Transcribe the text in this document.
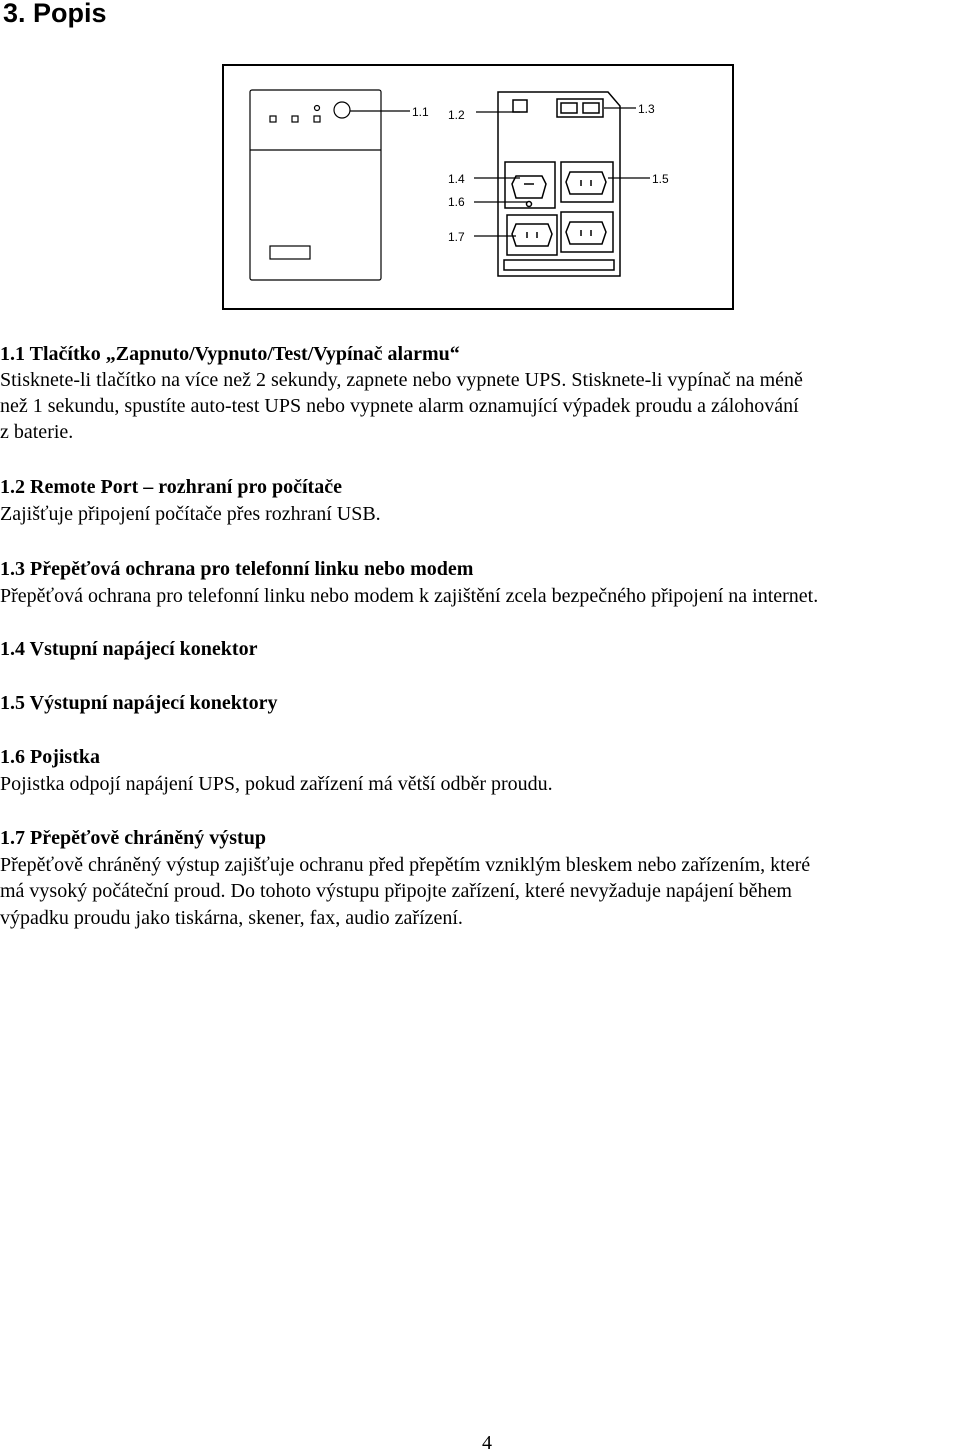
3. Popis
1.1 1.2	1.3
1.4	1.5
1.6
1.7

1.1 Tlačítko „Zapnuto/Vypnuto/Test/Vypínač alarmu“

Stisknete-li tlačítko na více než 2 sekundy, zapnete nebo vypnete UPS. Stisknete-li vypínač na méně

než 1 sekundu, spustíte auto-test UPS nebo vypnete alarm oznamující výpadek proudu a zálohování

z baterie.

1.2 Remote Port – rozhraní pro počítače

Zajišťuje připojení počítače přes rozhraní USB.

1.3 Přepěťová ochrana pro telefonní linku nebo modem

Přepěťová ochrana pro telefonní linku nebo modem k zajištění zcela bezpečného připojení na internet.

1.4 Vstupní napájecí konektor

1.5 Výstupní napájecí konektory

1.6 Pojistka

Pojistka odpojí napájení UPS, pokud zařízení má větší odběr proudu.

1.7 Přepěťově chráněný výstup

Přepěťově chráněný výstup zajišťuje ochranu před přepětím vzniklým bleskem nebo zařízením, které

má vysoký počáteční proud. Do tohoto výstupu připojte zařízení, které nevyžaduje napájení během

výpadku proudu jako tiskárna, skener, fax, audio zařízení.

4
